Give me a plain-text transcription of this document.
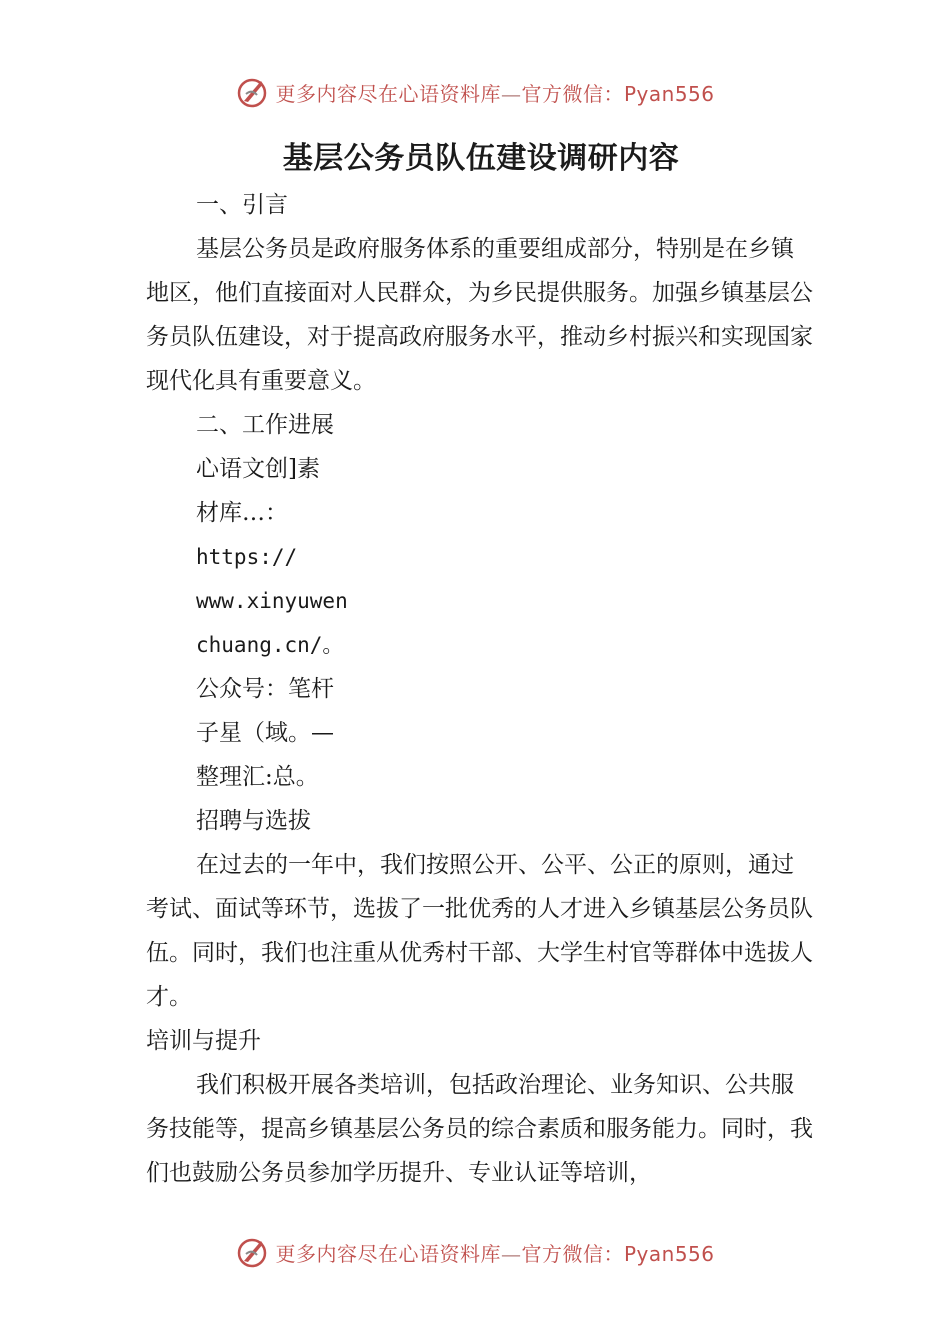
更多内容尽在心语资料库—官方微信：Pyan556
基层公务员队伍建设调研内容

一、引言

基层公务员是政府服务体系的重要组成部分，特别是在乡镇地区，他们直接面对人民群众，为乡民提供服务。加强乡镇基层公务员队伍建设，对于提高政府服务水平，推动乡村振兴和实现国家现代化具有重要意义。

二、工作进展

心语文创]素

材库…：

https://

www.xinyuwen

chuang.cn/。

公众号：笔杆

子星（域。—

整理汇:总。

招聘与选拔

在过去的一年中，我们按照公开、公平、公正的原则，通过考试、面试等环节，选拔了一批优秀的人才进入乡镇基层公务员队伍。同时，我们也注重从优秀村干部、大学生村官等群体中选拔人才。

培训与提升

我们积极开展各类培训，包括政治理论、业务知识、公共服务技能等，提高乡镇基层公务员的综合素质和服务能力。同时，我们也鼓励公务员参加学历提升、专业认证等培训，

更多内容尽在心语资料库—官方微信：Pyan556
